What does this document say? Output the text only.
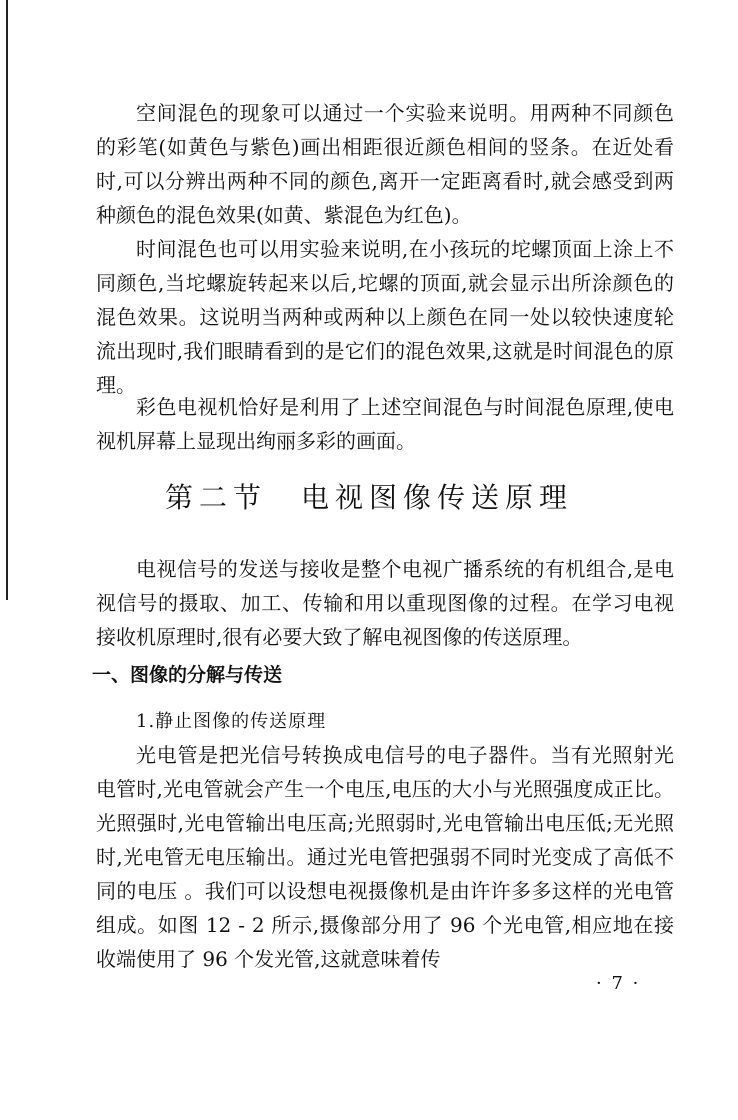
空间混色的现象可以通过一个实验来说明。用两种不同颜色的彩笔(如黄色与紫色)画出相距很近颜色相间的竖条。在近处看时,可以分辨出两种不同的颜色,离开一定距离看时,就会感受到两种颜色的混色效果(如黄、紫混色为红色)。

时间混色也可以用实验来说明,在小孩玩的坨螺顶面上涂上不同颜色,当坨螺旋转起来以后,坨螺的顶面,就会显示出所涂颜色的混色效果。这说明当两种或两种以上颜色在同一处以较快速度轮流出现时,我们眼睛看到的是它们的混色效果,这就是时间混色的原理。

彩色电视机恰好是利用了上述空间混色与时间混色原理,使电视机屏幕上显现出绚丽多彩的画面。

第二节　电视图像传送原理

电视信号的发送与接收是整个电视广播系统的有机组合,是电视信号的摄取、加工、传输和用以重现图像的过程。在学习电视接收机原理时,很有必要大致了解电视图像的传送原理。

一、图像的分解与传送
1.静止图像的传送原理

光电管是把光信号转换成电信号的电子器件。当有光照射光电管时,光电管就会产生一个电压,电压的大小与光照强度成正比。光照强时,光电管输出电压高;光照弱时,光电管输出电压低;无光照时,光电管无电压输出。通过光电管把强弱不同时光变成了高低不同的电压 。我们可以设想电视摄像机是由许许多多这样的光电管组成。如图 12 - 2 所示,摄像部分用了 96 个光电管,相应地在接收端使用了 96 个发光管,这就意味着传

· 7 ·
